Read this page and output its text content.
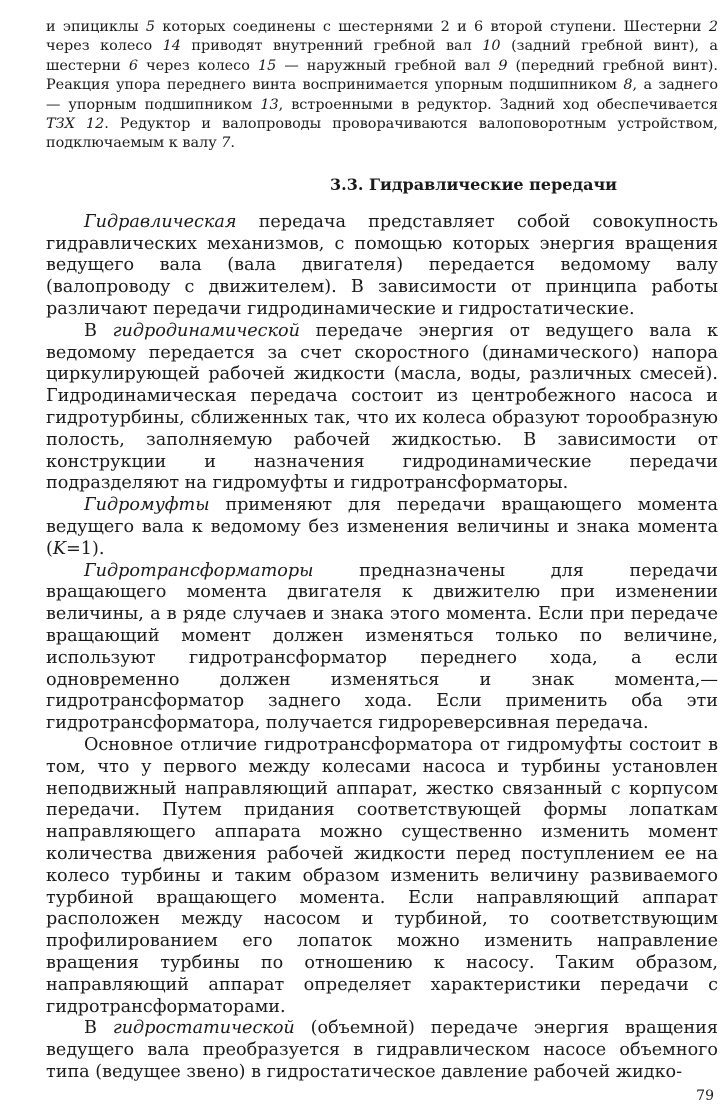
и эпициклы 5 которых соединены с шестернями 2 и 6 второй ступени. Шестерни 2 через колесо 14 приводят внутренний гребной вал 10 (задний гребной винт), а шестерни 6 через колесо 15 — наружный гребной вал 9 (передний гребной винт). Реакция упора переднего винта воспринимается упорным подшипником 8, а заднего — упорным подшипником 13, встроенными в редуктор. Задний ход обеспечивается ТЗХ 12. Редуктор и валопроводы проворачиваются валоповоротным устройством, подключаемым к валу 7.

3.3. Гидравлические передачи

Гидравлическая передача представляет собой совокупность гидравлических механизмов, с помощью которых энергия вращения ведущего вала (вала двигателя) передается ведомому валу (валопроводу с движителем). В зависимости от принципа работы различают передачи гидродинамические и гидростатические.

В гидродинамической передаче энергия от ведущего вала к ведомому передается за счет скоростного (динамического) напора циркулирующей рабочей жидкости (масла, воды, различных смесей). Гидродинамическая передача состоит из центробежного насоса и гидротурбины, сближенных так, что их колеса образуют торообразную полость, заполняемую рабочей жидкостью. В зависимости от конструкции и назначения гидродинамические передачи подразделяют на гидромуфты и гидротрансформаторы.

Гидромуфты применяют для передачи вращающего момента ведущего вала к ведомому без изменения величины и знака момента (K=1).

Гидротрансформаторы предназначены для передачи вращающего момента двигателя к движителю при изменении величины, а в ряде случаев и знака этого момента. Если при передаче вращающий момент должен изменяться только по величине, используют гидротрансформатор переднего хода, а если одновременно должен изменяться и знак момента,— гидротрансформатор заднего хода. Если применить оба эти гидротрансформатора, получается гидрореверсивная передача.

Основное отличие гидротрансформатора от гидромуфты состоит в том, что у первого между колесами насоса и турбины установлен неподвижный направляющий аппарат, жестко связанный с корпусом передачи. Путем придания соответствующей формы лопаткам направляющего аппарата можно существенно изменить момент количества движения рабочей жидкости перед поступлением ее на колесо турбины и таким образом изменить величину развиваемого турбиной вращающего момента. Если направляющий аппарат расположен между насосом и турбиной, то соответствующим профилированием его лопаток можно изменить направление вращения турбины по отношению к насосу. Таким образом, направляющий аппарат определяет характеристики передачи с гидротрансформаторами.

В гидростатической (объемной) передаче энергия вращения ведущего вала преобразуется в гидравлическом насосе объемного типа (ведущее звено) в гидростатическое давление рабочей жидко-

79
